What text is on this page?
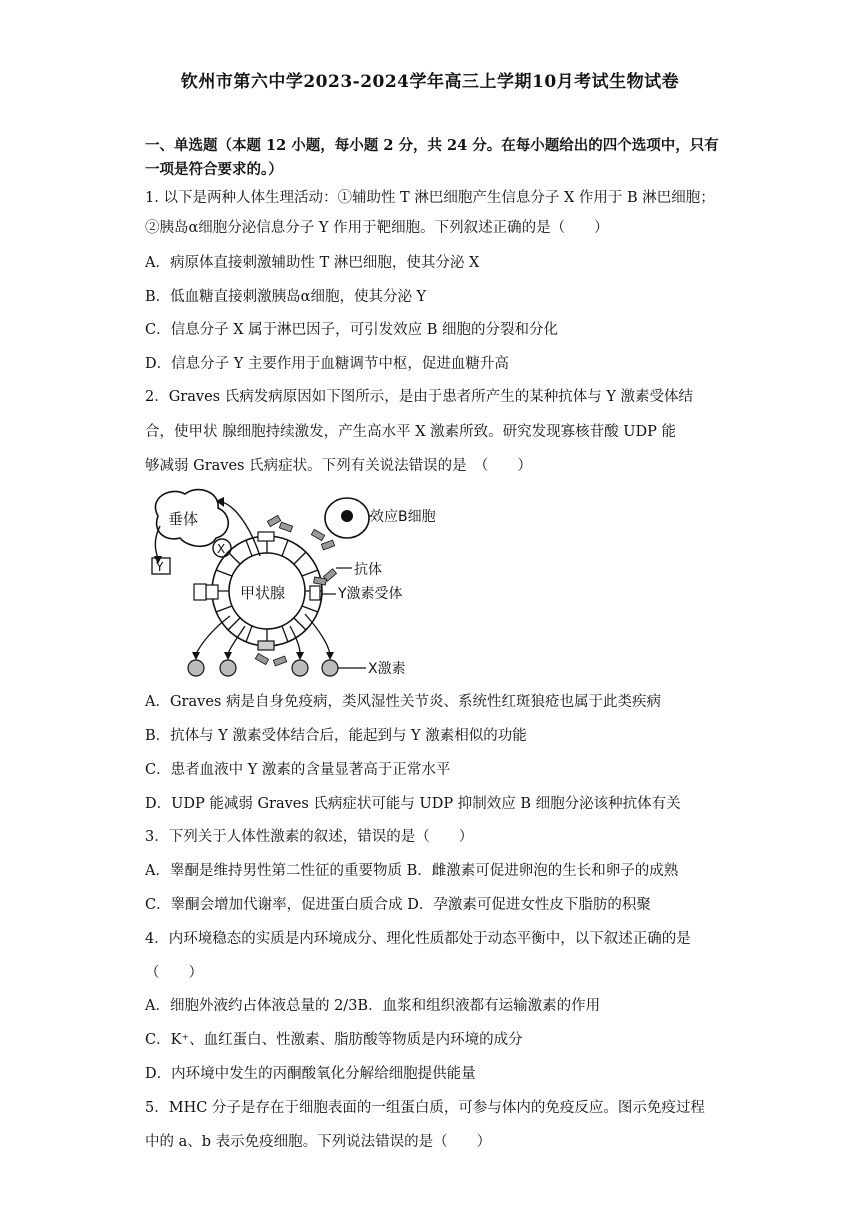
钦州市第六中学2023-2024学年高三上学期10月考试生物试卷
一、单选题（本题 12 小题，每小题 2 分，共 24 分。在每小题给出的四个选项中，只有
一项是符合要求的。）
1. 以下是两种人体生理活动：①辅助性 T 淋巴细胞产生信息分子 X 作用于 B 淋巴细胞；
②胰岛α细胞分泌信息分子 Y 作用于靶细胞。下列叙述正确的是（　　）
A．病原体直接刺激辅助性 T 淋巴细胞，使其分泌 X
B．低血糖直接刺激胰岛α细胞，使其分泌 Y
C．信息分子 X 属于淋巴因子，可引发效应 B 细胞的分裂和分化
D．信息分子 Y 主要作用于血糖调节中枢，促进血糖升高
2．Graves 氏病发病原因如下图所示，是由于患者所产生的某种抗体与 Y 激素受体结
合，使甲状 腺细胞持续激发，产生高水平 X 激素所致。研究发现寡核苷酸 UDP 能
够减弱 Graves 氏病症状。下列有关说法错误的是　（　　）
垂体
Y
X
甲状腺
效应B细胞
抗体
Y激素受体
X激素
A．Graves 病是自身免疫病，类风湿性关节炎、系统性红斑狼疮也属于此类疾病
B．抗体与 Y 激素受体结合后，能起到与 Y 激素相似的功能
C．患者血液中 Y 激素的含量显著高于正常水平
D．UDP 能减弱 Graves 氏病症状可能与 UDP 抑制效应 B 细胞分泌该种抗体有关
3．下列关于人体性激素的叙述，错误的是（　　）
A．睾酮是维持男性第二性征的重要物质 B．雌激素可促进卵泡的生长和卵子的成熟
C．睾酮会增加代谢率，促进蛋白质合成 D．孕激素可促进女性皮下脂肪的积聚
4．内环境稳态的实质是内环境成分、理化性质都处于动态平衡中，以下叙述正确的是
（　　）
A．细胞外液约占体液总量的 2/3B．血浆和组织液都有运输激素的作用
C．K⁺、血红蛋白、性激素、脂肪酸等物质是内环境的成分
D．内环境中发生的丙酮酸氧化分解给细胞提供能量
5．MHC 分子是存在于细胞表面的一组蛋白质，可参与体内的免疫反应。图示免疫过程
中的 a、b 表示免疫细胞。下列说法错误的是（　　）
